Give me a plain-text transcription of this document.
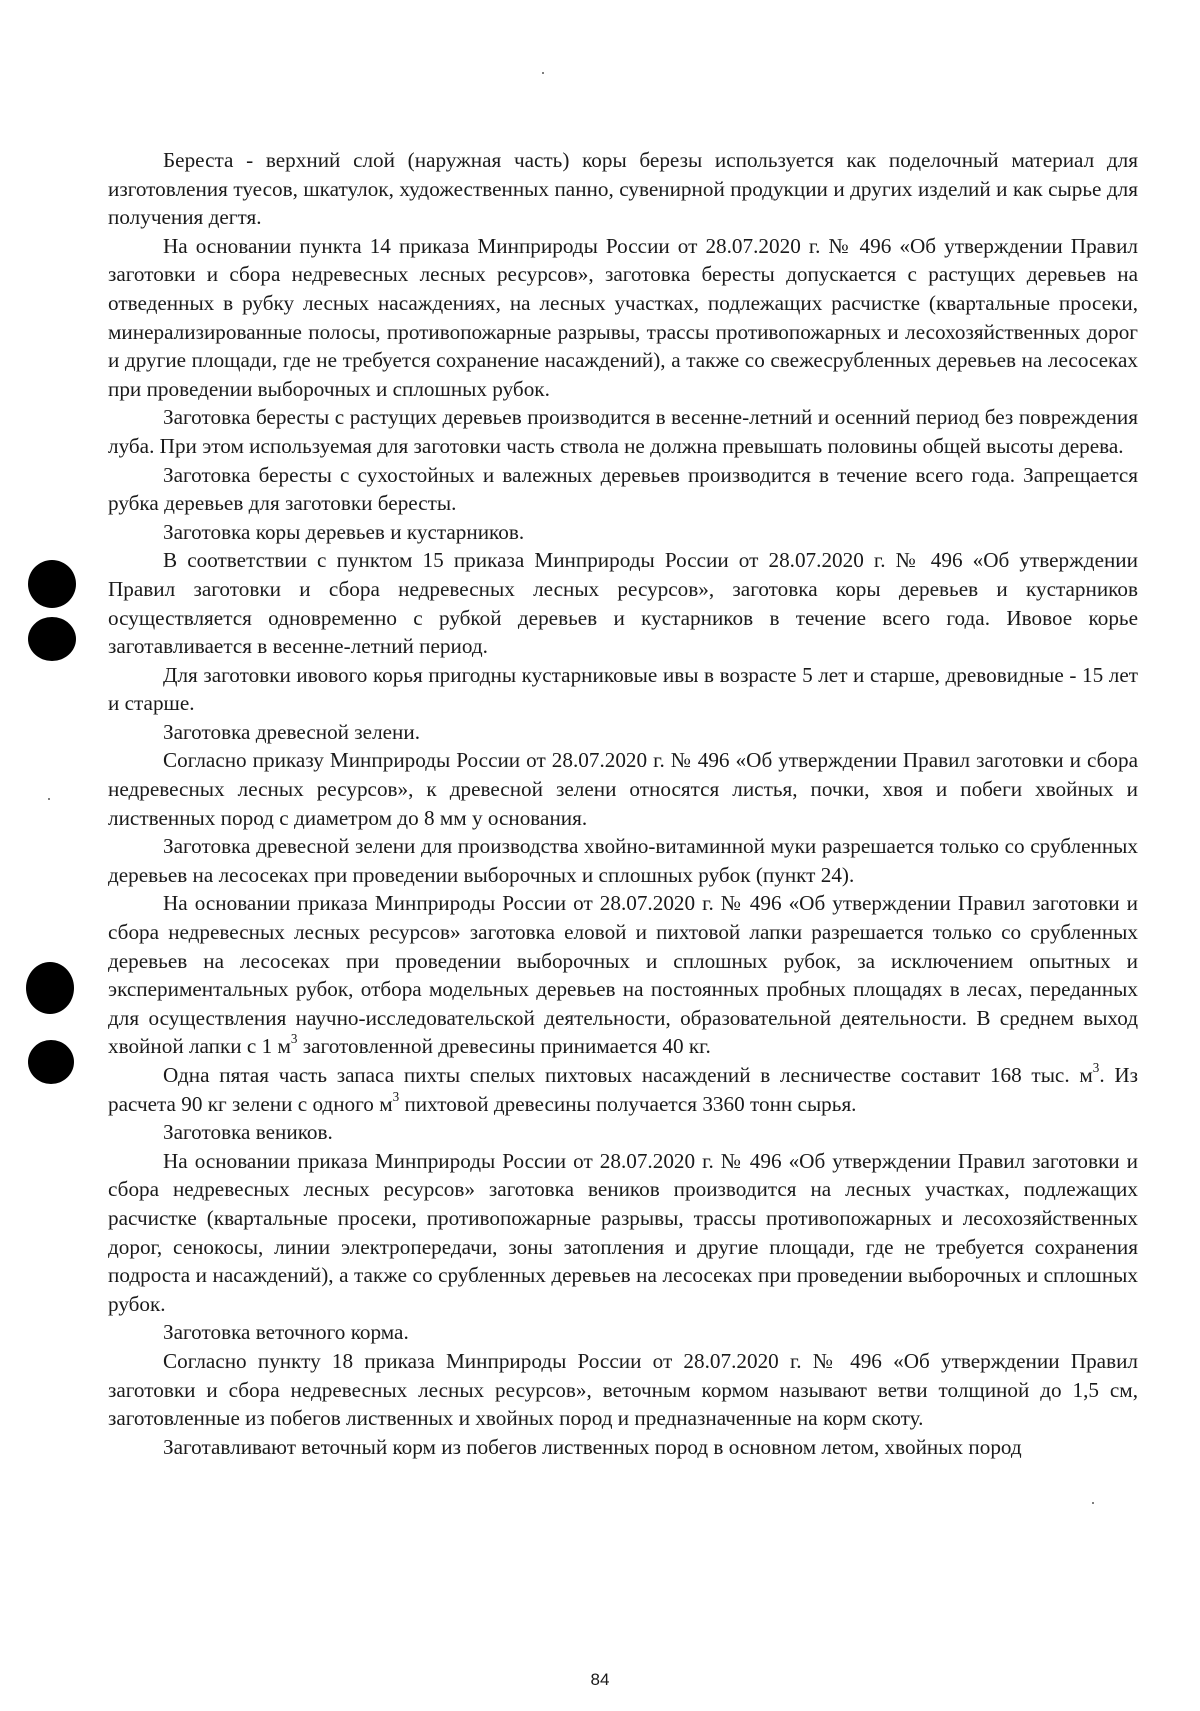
Береста - верхний слой (наружная часть) коры березы используется как поделочный материал для изготовления туесов, шкатулок, художественных панно, сувенирной продукции и других изделий и как сырье для получения дегтя.

На основании пункта 14 приказа Минприроды России от 28.07.2020 г. № 496 «Об утверждении Правил заготовки и сбора недревесных лесных ресурсов», заготовка бересты допускается с растущих деревьев на отведенных в рубку лесных насаждениях, на лесных участках, подлежащих расчистке (квартальные просеки, минерализированные полосы, противопожарные разрывы, трассы противопожарных и лесохозяйственных дорог и другие площади, где не требуется сохранение насаждений), а также со свежесрубленных деревьев на лесосеках при проведении выборочных и сплошных рубок.

Заготовка бересты с растущих деревьев производится в весенне-летний и осенний период без повреждения луба. При этом используемая для заготовки часть ствола не должна превышать половины общей высоты дерева.

Заготовка бересты с сухостойных и валежных деревьев производится в течение всего года. Запрещается рубка деревьев для заготовки бересты.

Заготовка коры деревьев и кустарников.

В соответствии с пунктом 15 приказа Минприроды России от 28.07.2020 г. № 496 «Об утверждении Правил заготовки и сбора недревесных лесных ресурсов», заготовка коры деревьев и кустарников осуществляется одновременно с рубкой деревьев и кустарников в течение всего года. Ивовое корье заготавливается в весенне-летний период.

Для заготовки ивового корья пригодны кустарниковые ивы в возрасте 5 лет и старше, древовидные - 15 лет и старше.

Заготовка древесной зелени.

Согласно приказу Минприроды России от 28.07.2020 г. № 496 «Об утверждении Правил заготовки и сбора недревесных лесных ресурсов», к древесной зелени относятся листья, почки, хвоя и побеги хвойных и лиственных пород с диаметром до 8 мм у основания.

Заготовка древесной зелени для производства хвойно-витаминной муки разрешается только со срубленных деревьев на лесосеках при проведении выборочных и сплошных рубок (пункт 24).

На основании приказа Минприроды России от 28.07.2020 г. № 496 «Об утверждении Правил заготовки и сбора недревесных лесных ресурсов» заготовка еловой и пихтовой лапки разрешается только со срубленных деревьев на лесосеках при проведении выборочных и сплошных рубок, за исключением опытных и экспериментальных рубок, отбора модельных деревьев на постоянных пробных площадях в лесах, переданных для осуществления научно-исследовательской деятельности, образовательной деятельности. В среднем выход хвойной лапки с 1 $м^3$ заготовленной древесины принимается 40 кг.

Одна пятая часть запаса пихты спелых пихтовых насаждений в лесничестве составит 168 тыс. $м^3$. Из расчета 90 кг зелени с одного $м^3$ пихтовой древесины получается 3360 тонн сырья.

Заготовка веников.

На основании приказа Минприроды России от 28.07.2020 г. № 496 «Об утверждении Правил заготовки и сбора недревесных лесных ресурсов» заготовка веников производится на лесных участках, подлежащих расчистке (квартальные просеки, противопожарные разрывы, трассы противопожарных и лесохозяйственных дорог, сенокосы, линии электропередачи, зоны затопления и другие площади, где не требуется сохранения подроста и насаждений), а также со срубленных деревьев на лесосеках при проведении выборочных и сплошных рубок.

Заготовка веточного корма.

Согласно пункту 18 приказа Минприроды России от 28.07.2020 г. № 496 «Об утверждении Правил заготовки и сбора недревесных лесных ресурсов», веточным кормом называют ветви толщиной до 1,5 см, заготовленные из побегов лиственных и хвойных пород и предназначенные на корм скоту.

Заготавливают веточный корм из побегов лиственных пород в основном летом, хвойных пород

84
